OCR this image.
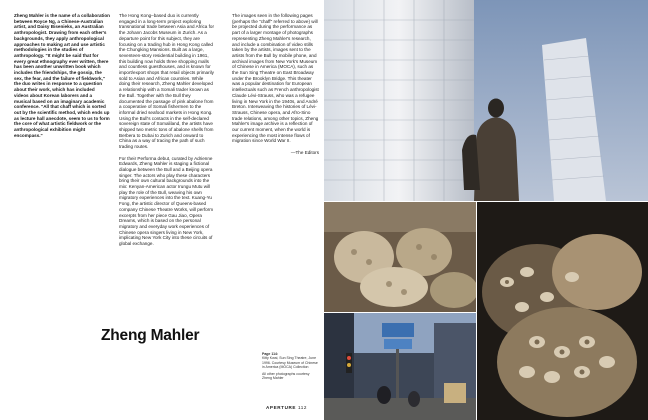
Zheng Mahler is the name of a collaboration between Royce Ng, a Chinese-Australian artist, and Daisy Bisenieks, an Australian anthropologist. Drawing from each other's backgrounds, they apply anthropological approaches to making art and use artistic methodologies in the studies of anthropology. "It might be said that for every great ethnography ever written, there has been another unwritten book which includes the friendships, the gossip, the sex, the fear, and the failure of fieldwork," the duo writes in response to a question about their work, which has included videos about Korean laborers and a musical based on an imaginary academic conference. "All that chaff which is sorted out by the scientific method, which ends up as lecture hall anecdote, seem to us to form the core of what artistic fieldwork or the anthropological exhibition might encompass."

The Hong Kong–based duo is currently engaged in a long-term project exploring transnational trade between Asia and Africa for the Johann Jacobs Museum in Zurich. As a departure point for this subject, they are focusing on a trading hub in Hong Kong called the Chungking Mansions. Built as a large, seventeen-story residential building in 1961, this building now holds three shopping malls and countless guesthouses, and is known for import/export shops that retail objects primarily sold to Asian and African countries. While doing their research, Zheng Mahler developed a relationship with a Somali trader known as the Bull. Together with the Bull they documented the passage of pink abalone from a cooperative of Somali fishermen to the informal dried seafood markets in Hong Kong. Using the Bull's contacts in the self-declared sovereign state of Somaliland, the artists have shipped two metric tons of abalone shells from Berbera to Dubai to Zurich and onward to China as a way of tracing the path of such trading routes.

For their Performa debut, curated by Adrienne Edwards, Zheng Mahler is staging a fictional dialogue between the Bull and a Beijing opera singer. The actors who play these characters bring their own cultural backgrounds into the mix: Kenyan-American actor Irungu Mutu will play the role of the Bull, weaving his own migratory experiences into the text. Kuang-Yu Fong, the artistic director of Queens-based company Chinese Theatre Works, will perform excerpts from her piece Gau Jiao, Opera Dreams, which is based on the personal migratory and everyday work experiences of Chinese opera singers living in New York, implicating New York City into these circuits of global exchange.

The images seen in the following pages (perhaps the "chaff" referred to above) will be projected during the performance as part of a larger montage of photographs representing Zheng Mahler's research, and include a combination of video stills taken by the artists, images sent to the artists from the Bull by mobile phone, and archival images from New York's Museum of Chinese in America (MOCA), such as the Sun Sing Theatre on East Broadway under the Brooklyn Bridge. This theater was a popular destination for European intellectuals such as French anthropologist Claude Lévi-Strauss, who was a refugee living in New York in the 1940s, and André Breton. Interweaving the histories of Lévi-Strauss, Chinese opera, and Afro-Sino trade relations, among other topics, Zheng Mahler's image archive is a reflection of our current moment, when the world is experiencing the most intense flows of migration since World War II.

—The Editors

Zheng Mahler

Page 114:
Kitty Kwai, Sun Sing Theatre, June 1996. Courtesy Museum of Chinese in America (MOCA) Collection

All other photographs courtesy Zheng Mahler

APERTURE 112
